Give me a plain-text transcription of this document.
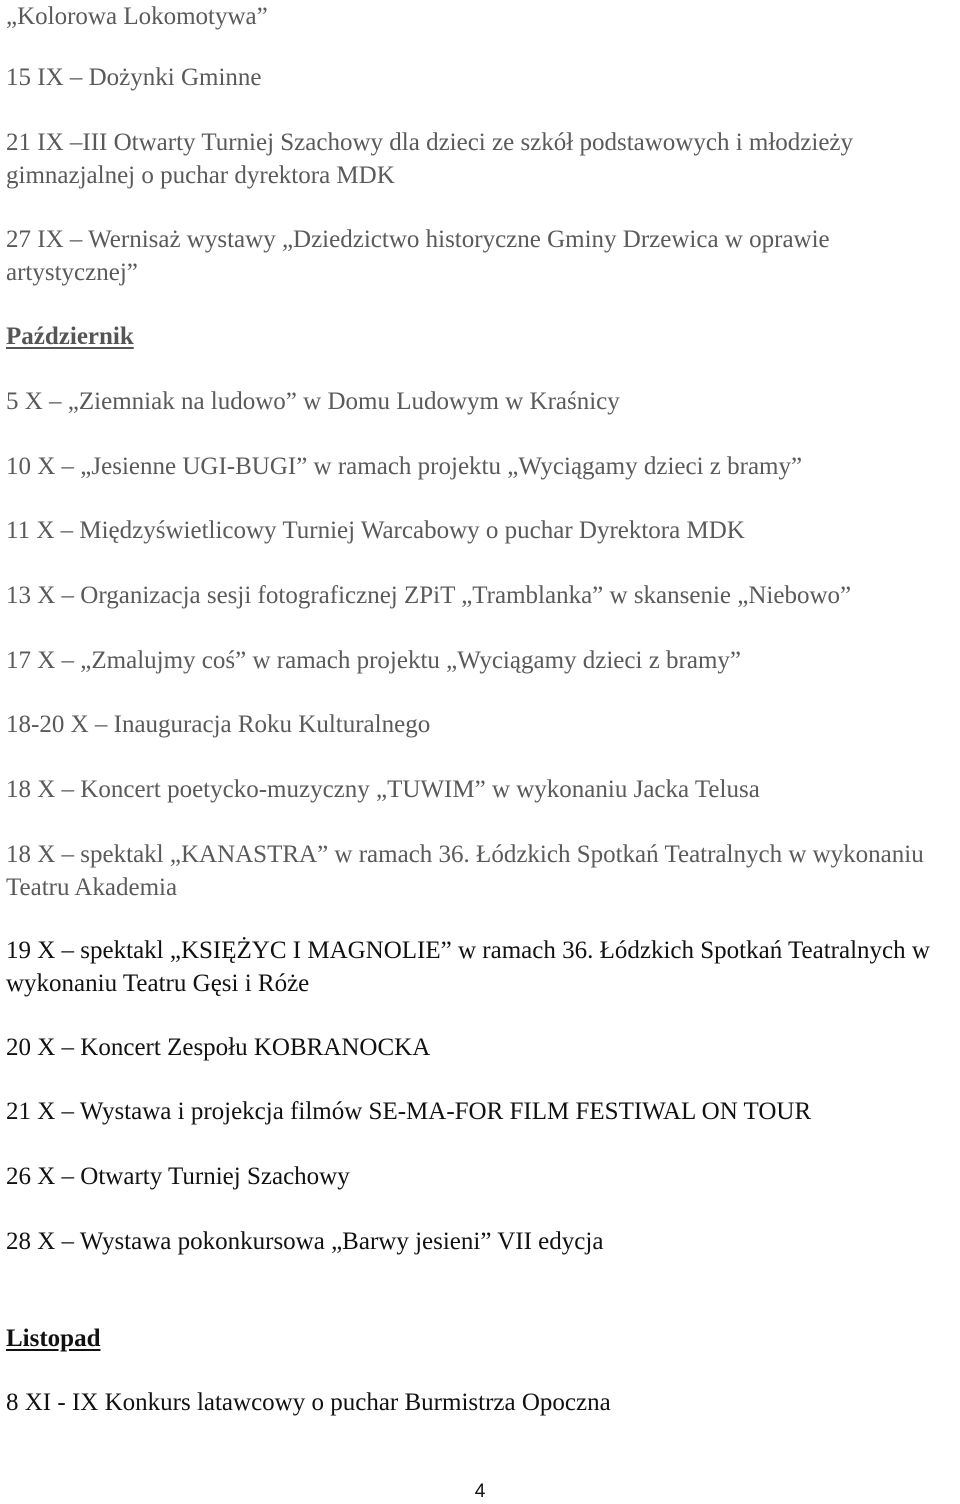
„Kolorowa Lokomotywa”

15 IX – Dożynki Gminne

21 IX –III Otwarty Turniej Szachowy dla dzieci ze szkół podstawowych i młodzieży gimnazjalnej o puchar dyrektora MDK

27 IX – Wernisaż wystawy „Dziedzictwo historyczne Gminy Drzewica w oprawie artystycznej”

Październik

5 X – „Ziemniak na ludowo” w Domu Ludowym w Kraśnicy

10 X – „Jesienne UGI-BUGI” w ramach projektu „Wyciągamy dzieci z bramy”

11 X – Międzyświetlicowy Turniej Warcabowy o puchar Dyrektora MDK

13 X – Organizacja sesji fotograficznej ZPiT „Tramblanka” w skansenie „Niebowo”

17 X – „Zmalujmy coś” w ramach projektu „Wyciągamy dzieci z bramy”

18-20 X – Inauguracja Roku Kulturalnego

18 X – Koncert poetycko-muzyczny „TUWIM” w wykonaniu Jacka Telusa

18 X – spektakl „KANASTRA” w ramach 36. Łódzkich Spotkań Teatralnych w wykonaniu Teatru Akademia

19 X – spektakl „KSIĘŻYC I MAGNOLIE” w ramach 36. Łódzkich Spotkań Teatralnych w wykonaniu Teatru Gęsi i Róże

20 X – Koncert Zespołu KOBRANOCKA

21 X – Wystawa i projekcja filmów SE-MA-FOR FILM FESTIWAL ON TOUR

26 X – Otwarty Turniej Szachowy

28 X – Wystawa pokonkursowa „Barwy jesieni” VII edycja

Listopad

8 XI - IX Konkurs latawcowy o puchar Burmistrza Opoczna

4
